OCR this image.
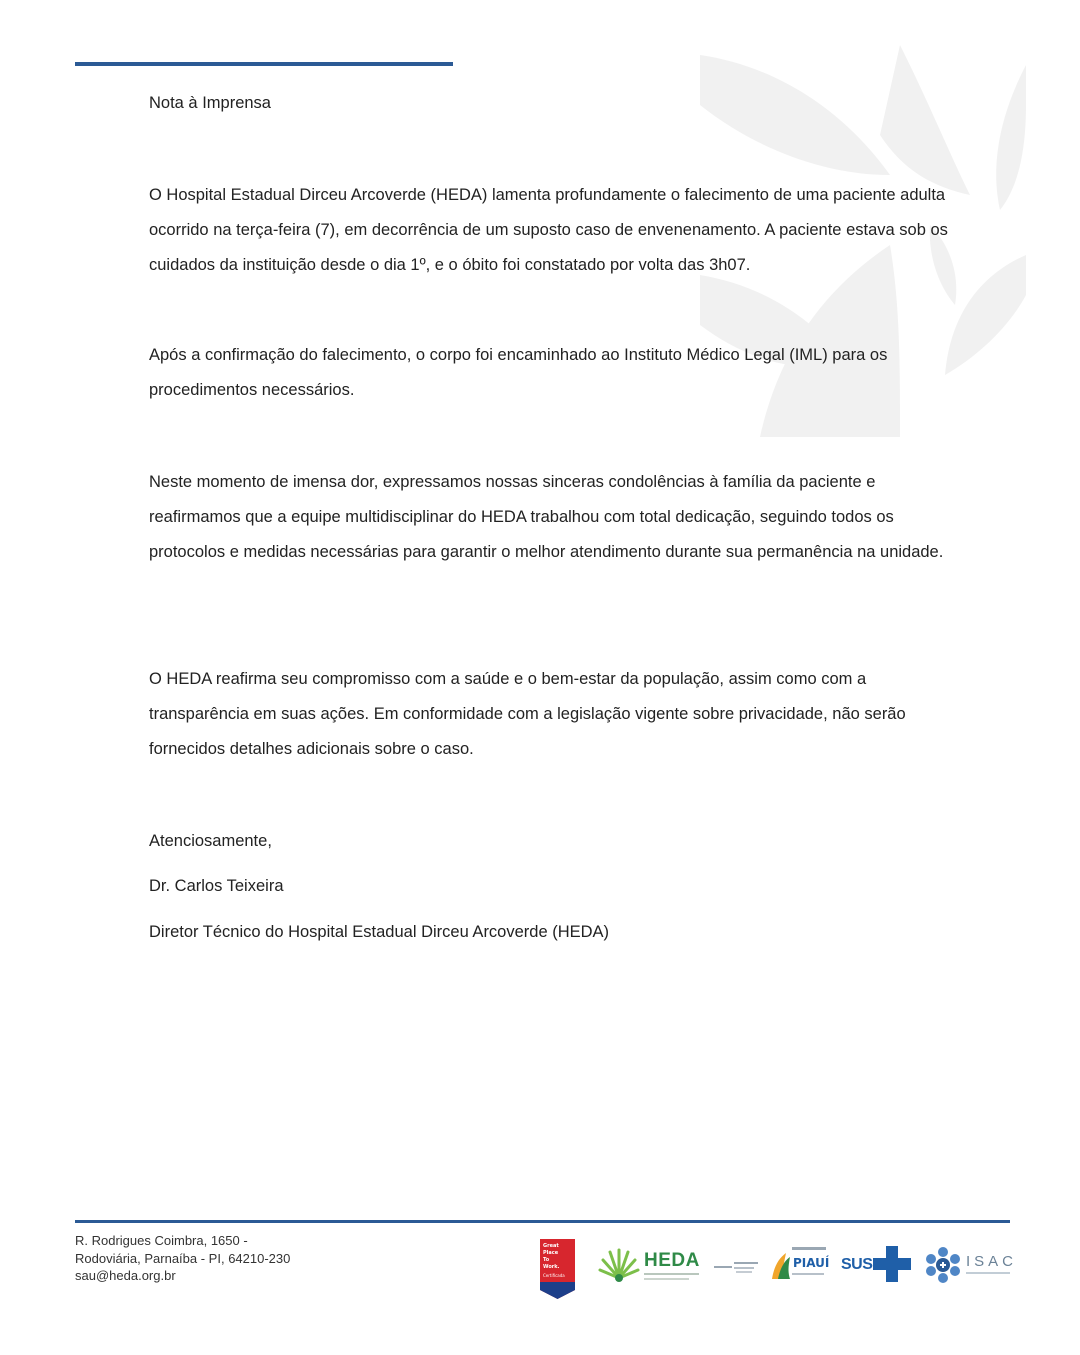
Nota à Imprensa

O Hospital Estadual Dirceu Arcoverde (HEDA) lamenta profundamente o falecimento de uma paciente adulta ocorrido na terça-feira (7), em decorrência de um suposto caso de envenenamento. A paciente estava sob os cuidados da instituição desde o dia 1º, e o óbito foi constatado por volta das 3h07.

Após a confirmação do falecimento, o corpo foi encaminhado ao Instituto Médico Legal (IML) para os procedimentos necessários.

Neste momento de imensa dor, expressamos nossas sinceras condolências à família da paciente e reafirmamos que a equipe multidisciplinar do HEDA trabalhou com total dedicação, seguindo todos os protocolos e medidas necessárias para garantir o melhor atendimento durante sua permanência na unidade.

O HEDA reafirma seu compromisso com a saúde e o bem-estar da população, assim como com a transparência em suas ações. Em conformidade com a legislação vigente sobre privacidade, não serão fornecidos detalhes adicionais sobre o caso.

Atenciosamente,

Dr. Carlos Teixeira

Diretor Técnico do Hospital Estadual Dirceu Arcoverde (HEDA)

R. Rodrigues Coimbra, 1650 -
Rodoviária, Parnaíba - PI, 64210-230
sau@heda.org.br
Great
Place
To
Work.
Certificada
HEDA	PIAUÍ SUS	ISAC
